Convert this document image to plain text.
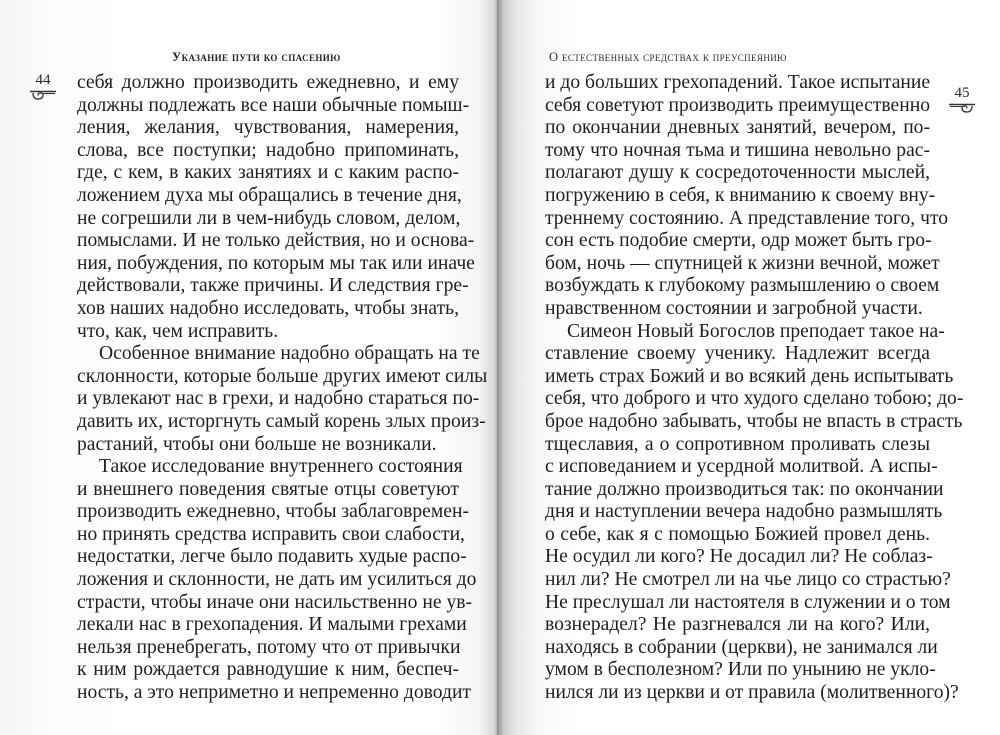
Указание пути ко спасению
44 себя должно производить ежедневно, и ему
должны подлежать все наши обычные помыш-
ления, желания, чувствования, намерения,
слова, все поступки; надобно припоминать,
где, с кем, в каких занятиях и с каким распо-
ложением духа мы обращались в течение дня,
не согрешили ли в чем-нибудь словом, делом,
помыслами. И не только действия, но и основа-
ния, побуждения, по которым мы так или иначе
действовали, также причины. И следствия гре-
хов наших надобно исследовать, чтобы знать,
что, как, чем исправить.
Особенное внимание надобно обращать на те
склонности, которые больше других имеют силы
и увлекают нас в грехи, и надобно стараться по-
давить их, исторгнуть самый корень злых произ-
растаний, чтобы они больше не возникали.
Такое исследование внутреннего состояния
и внешнего поведения святые отцы советуют
производить ежедневно, чтобы заблаговремен-
но принять средства исправить свои слабости,
недостатки, легче было подавить худые распо-
ложения и склонности, не дать им усилиться до
страсти, чтобы иначе они насильственно не ув-
лекали нас в грехопадения. И малыми грехами
нельзя пренебрегать, потому что от привычки
к ним рождается равнодушие к ним, беспеч-
ность, а это неприметно и непременно доводит
О естественных средствах к преуспеянию
45
и до больших грехопадений. Такое испытание
себя советуют производить преимущественно
по окончании дневных занятий, вечером, по-
тому что ночная тьма и тишина невольно рас-
полагают душу к сосредоточенности мыслей,
погружению в себя, к вниманию к своему вну-
треннему состоянию. А представление того, что
сон есть подобие смерти, одр может быть гро-
бом, ночь — спутницей к жизни вечной, может
возбуждать к глубокому размышлению о своем
нравственном состоянии и загробной участи.
Симеон Новый Богослов преподает такое на-
ставление своему ученику. Надлежит всегда
иметь страх Божий и во всякий день испытывать
себя, что доброго и что худого сделано тобою; до-
брое надобно забывать, чтобы не впасть в страсть
тщеславия, а о сопротивном проливать слезы
с исповеданием и усердной молитвой. А испы-
тание должно производиться так: по окончании
дня и наступлении вечера надобно размышлять
о себе, как я с помощью Божией провел день.
Не осудил ли кого? Не досадил ли? Не соблаз-
нил ли? Не смотрел ли на чье лицо со страстью?
Не преслушал ли настоятеля в служении и о том
вознерадел? Не разгневался ли на кого? Или,
находясь в собрании (церкви), не занимался ли
умом в бесполезном? Или по унынию не укло-
нился ли из церкви и от правила (молитвенного)?
